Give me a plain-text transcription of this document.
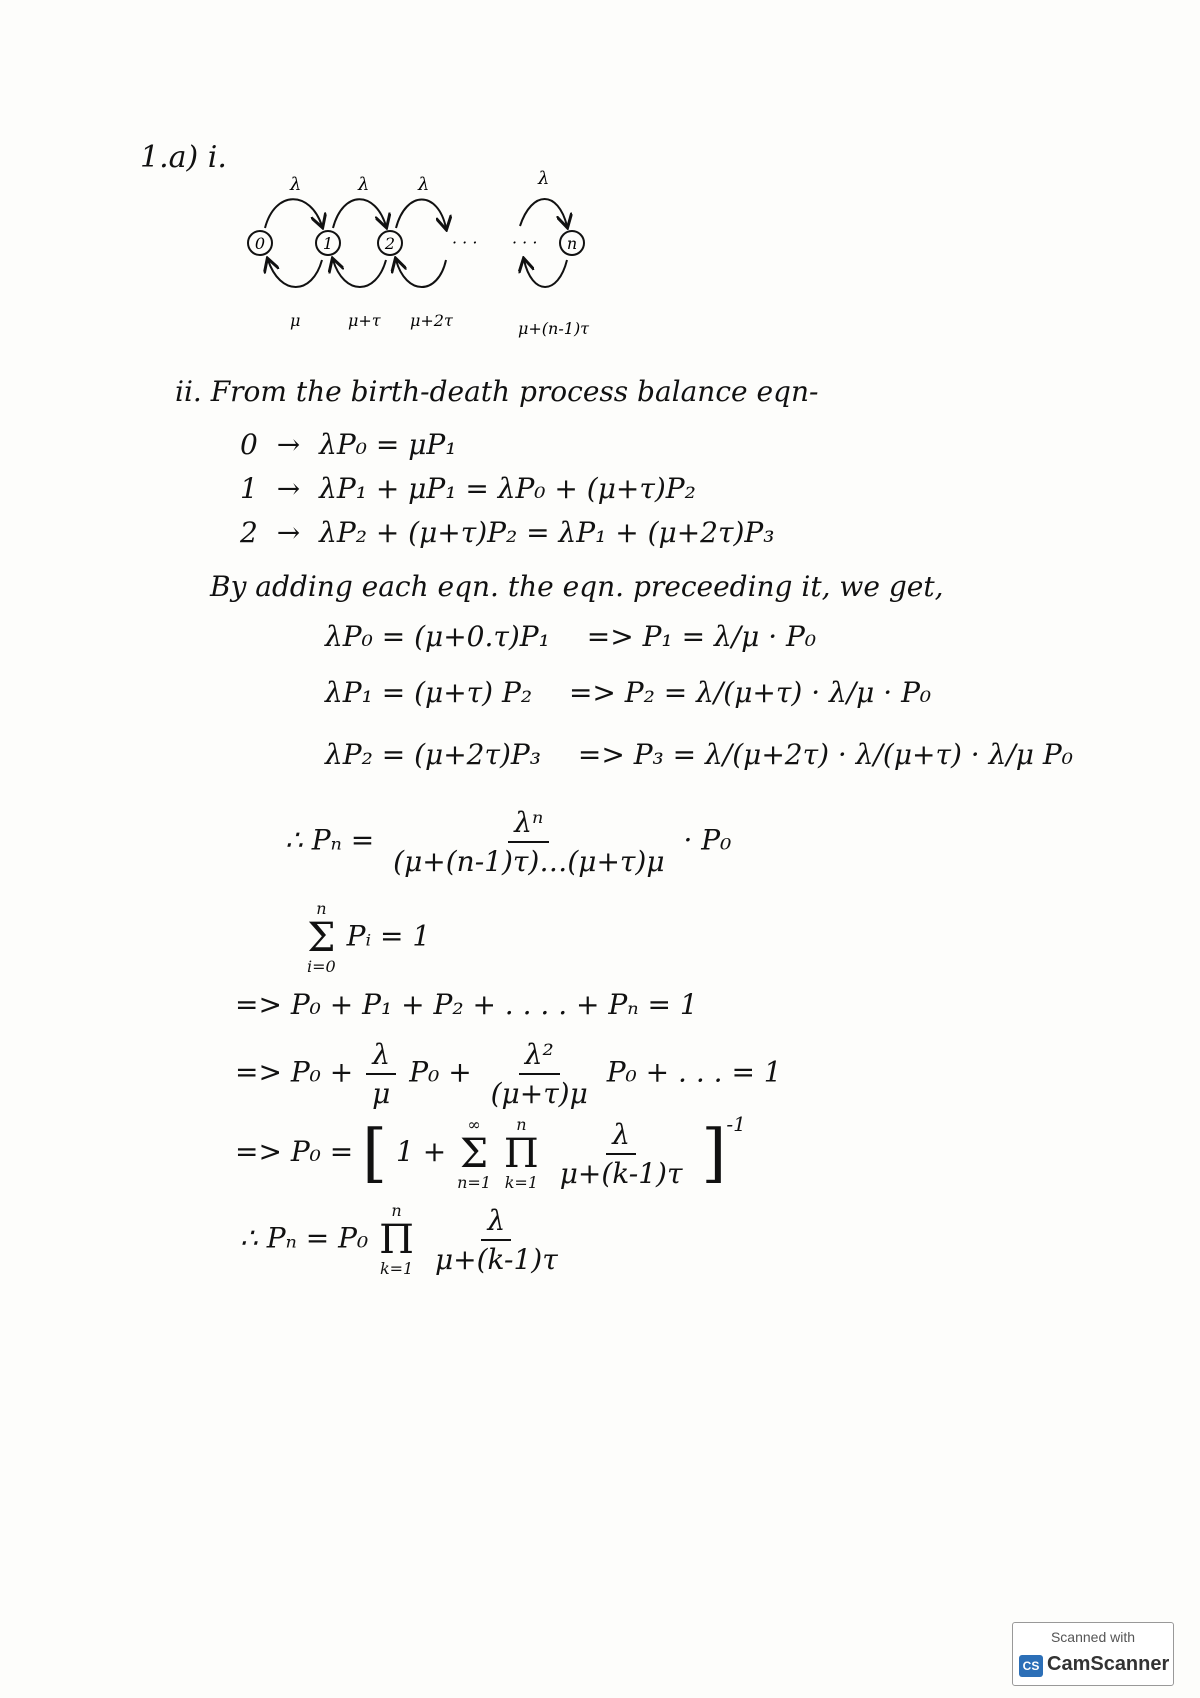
1.a) i.
0	1	2	n
· · · · · ·
λ	λ	λ	λ
μ	μ+τ μ+2τ	μ+(n-1)τ
ii. From the birth-death process balance eqn-
0 → λP₀ = μP₁
1 → λP₁ + μP₁ = λP₀ + (μ+τ)P₂
2 → λP₂ + (μ+τ)P₂ = λP₁ + (μ+2τ)P₃
By adding each eqn. the eqn. preceeding it, we get,
λP₀ = (μ+0.τ)P₁ => P₁ = λ/μ · P₀
λP₁ = (μ+τ) P₂ => P₂ = λ/(μ+τ) · λ/μ · P₀
λP₂ = (μ+2τ)P₃ => P₃ = λ/(μ+2τ) · λ/(μ+τ) · λ/μ P₀
∴ $P_n = \frac{\text{λⁿ}}{(\mu+(n-1)\tau)\dots(\mu+\tau)\mu} \cdot P_0$
n
Σ
i=0
Pᵢ = 1
=> P₀ + P₁ + P₂ + . . . . + Pₙ = 1
=> $P_0 + \frac{\lambda}{\mu} P_0 + \frac{\text{λ²}}{(\mu+\tau)\mu} P_0$ + . . . = 1
=> P₀ = [ 1 +
∞
Σ
n=1

n
Π
k=1
$\frac{\lambda}{\mu+(k-1)\tau} ]^{-1}$
∴ Pₙ = P₀
n
Π
k=1
$\frac{\lambda}{\mu+(k-1)\tau}$
Scanned with
CS CamScanner
